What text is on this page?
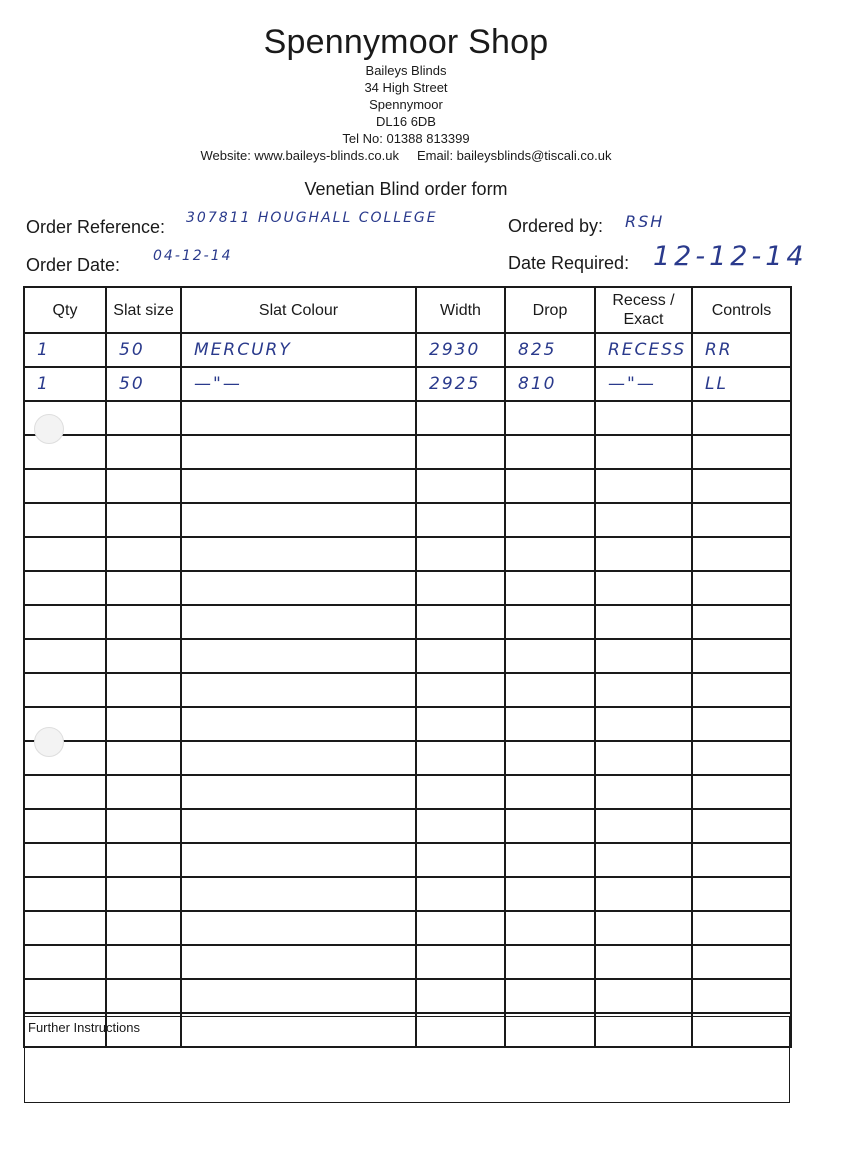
Spennymoor Shop
Baileys Blinds
34 High Street
Spennymoor
DL16 6DB
Tel No: 01388 813399
Website: www.baileys-blinds.co.uk Email: baileysblinds@tiscali.co.uk
Venetian Blind order form
Order Reference: 307811 HOUGHALL COLLEGE	Ordered by: RSH
Order Date: 04-12-14	Date Required: 12-12-14
Qty	Slat size	Slat Colour	Width	Drop	Recess / Exact	Controls
1	50	MERCURY	2930	825	RECESS	RR
1	50	—"—	2925	810	—"—	LL

Further Instructions
